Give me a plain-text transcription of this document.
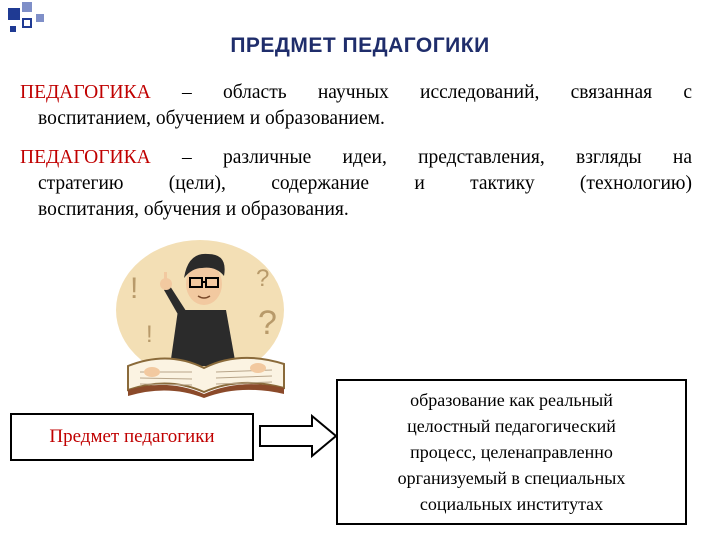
ПРЕДМЕТ ПЕДАГОГИКИ
ПЕДАГОГИКА – область научных исследований, связанная с
воспитанием, обучением и образованием.
ПЕДАГОГИКА – различные идеи, представления, взгляды на
стратегию (цели), содержание и тактику (технологию)
воспитания, обучения и образования.
!
?
!
?
Предмет педагогики
образование как реальный
целостный педагогический
процесс, целенаправленно
организуемый в специальных
социальных институтах
